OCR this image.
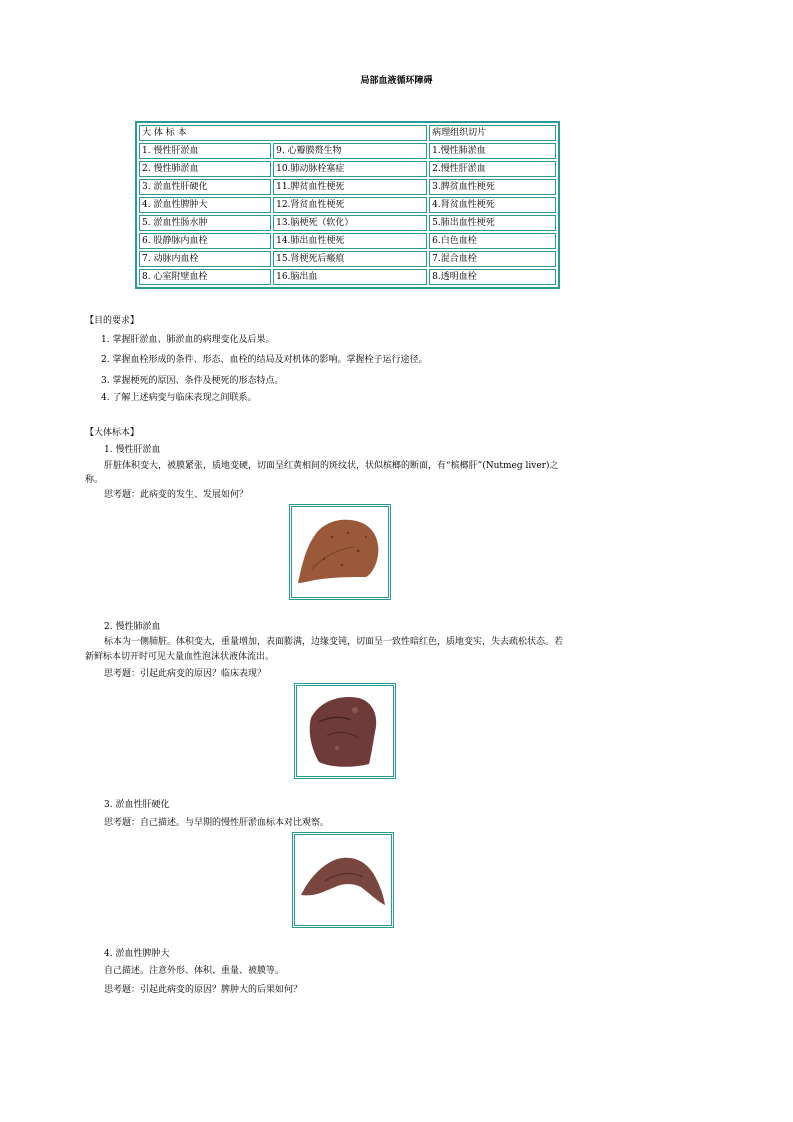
局部血液循环障碍
大 体 标 本		病理组织切片
1. 慢性肝淤血	9. 心瓣膜赘生物	1.慢性肺淤血
2. 慢性肺淤血	10.肺动脉栓塞症	2.慢性肝淤血
3. 淤血性肝硬化	11.脾贫血性梗死	3.脾贫血性梗死
4. 淤血性脾肿大	12.肾贫血性梗死	4.肾贫血性梗死
5. 淤血性肠水肿	13.脑梗死（软化）	5.肺出血性梗死
6. 股静脉内血栓	14.肺出血性梗死	6.白色血栓
7. 动脉内血栓	15.肾梗死后瘢痕	7.混合血栓
8. 心室附壁血栓	16.脑出血	8.透明血栓
【目的要求】
1. 掌握肝淤血、肺淤血的病理变化及后果。
2. 掌握血栓形成的条件、形态、血栓的结局及对机体的影响。掌握栓子运行途径。
3. 掌握梗死的原因、条件及梗死的形态特点。
4. 了解上述病变与临床表现之间联系。
【大体标本】
1. 慢性肝淤血
肝脏体积变大，被膜紧张，质地变硬，切面呈红黄相间的斑纹状，状似槟榔的断面，有“槟榔肝”(Nutmeg liver)之
称。
思考题：此病变的发生、发展如何？
2. 慢性肺淤血
标本为一侧肺脏。体积变大，重量增加，表面膨满，边缘变钝，切面呈一致性暗红色，质地变实，失去疏松状态。若
新鲜标本切开时可见大量血性泡沫状液体流出。
思考题：引起此病变的原因？临床表现？
3. 淤血性肝硬化
思考题：自己描述。与早期的慢性肝淤血标本对比观察。
4. 淤血性脾肿大
自己描述。注意外形、体积、重量、被膜等。
思考题：引起此病变的原因？脾肿大的后果如何？
